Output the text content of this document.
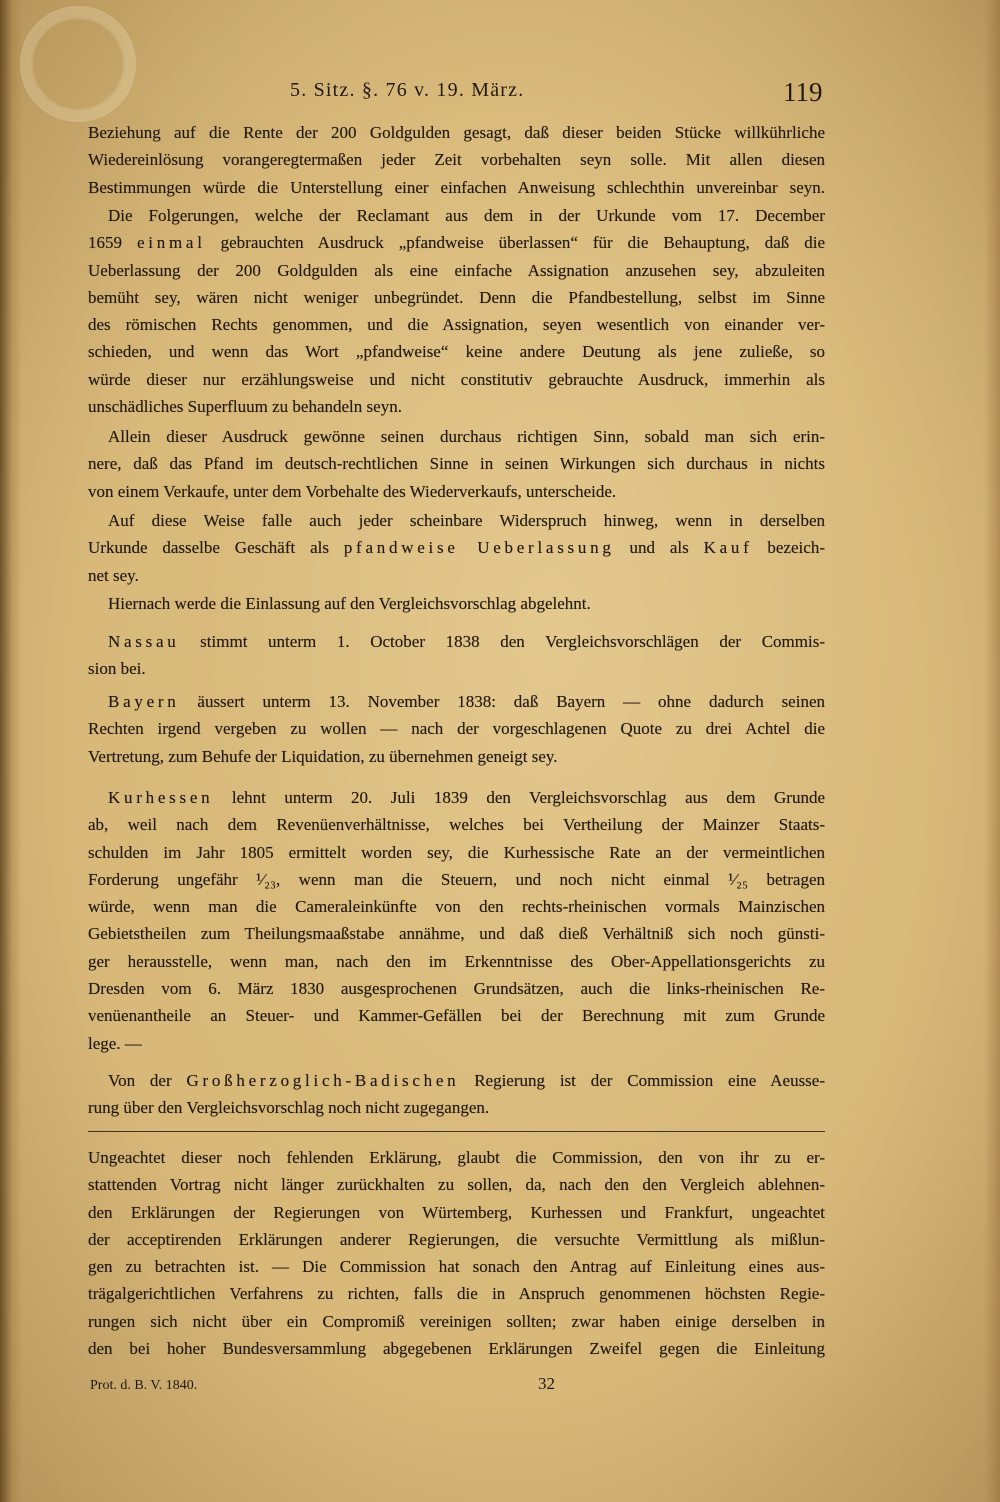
5. Sitz. §. 76 v. 19. März.	119
Beziehung auf die Rente der 200 Goldgulden gesagt, daß dieser beiden Stücke willkührliche
Wiedereinlösung vorangeregtermaßen jeder Zeit vorbehalten seyn solle. Mit allen diesen
Bestimmungen würde die Unterstellung einer einfachen Anweisung schlechthin unvereinbar seyn.
Die Folgerungen, welche der Reclamant aus dem in der Urkunde vom 17. December
1659 einmal gebrauchten Ausdruck „pfandweise überlassen“ für die Behauptung, daß die
Ueberlassung der 200 Goldgulden als eine einfache Assignation anzusehen sey, abzuleiten
bemüht sey, wären nicht weniger unbegründet. Denn die Pfandbestellung, selbst im Sinne
des römischen Rechts genommen, und die Assignation, seyen wesentlich von einander ver-
schieden, und wenn das Wort „pfandweise“ keine andere Deutung als jene zuließe, so
würde dieser nur erzählungsweise und nicht constitutiv gebrauchte Ausdruck, immerhin als
unschädliches Superfluum zu behandeln seyn.
Allein dieser Ausdruck gewönne seinen durchaus richtigen Sinn, sobald man sich erin-
nere, daß das Pfand im deutsch-rechtlichen Sinne in seinen Wirkungen sich durchaus in nichts
von einem Verkaufe, unter dem Vorbehalte des Wiederverkaufs, unterscheide.
Auf diese Weise falle auch jeder scheinbare Widerspruch hinweg, wenn in derselben
Urkunde dasselbe Geschäft als pfandweise Ueberlassung und als Kauf bezeich-
net sey.
Hiernach werde die Einlassung auf den Vergleichsvorschlag abgelehnt.
Nassau stimmt unterm 1. October 1838 den Vergleichsvorschlägen der Commis-
sion bei.
Bayern äussert unterm 13. November 1838: daß Bayern — ohne dadurch seinen
Rechten irgend vergeben zu wollen — nach der vorgeschlagenen Quote zu drei Achtel die
Vertretung, zum Behufe der Liquidation, zu übernehmen geneigt sey.
Kurhessen lehnt unterm 20. Juli 1839 den Vergleichsvorschlag aus dem Grunde
ab, weil nach dem Revenüenverhältnisse, welches bei Vertheilung der Mainzer Staats-
schulden im Jahr 1805 ermittelt worden sey, die Kurhessische Rate an der vermeintlichen
Forderung ungefähr ¹⁄₂₃, wenn man die Steuern, und noch nicht einmal ¹⁄₂₅ betragen
würde, wenn man die Cameraleinkünfte von den rechts-rheinischen vormals Mainzischen
Gebietstheilen zum Theilungsmaaßstabe annähme, und daß dieß Verhältniß sich noch günsti-
ger herausstelle, wenn man, nach den im Erkenntnisse des Ober-Appellationsgerichts zu
Dresden vom 6. März 1830 ausgesprochenen Grundsätzen, auch die links-rheinischen Re-
venüenantheile an Steuer- und Kammer-Gefällen bei der Berechnung mit zum Grunde
lege. —
Von der Großherzoglich-Badischen Regierung ist der Commission eine Aeusse-
rung über den Vergleichsvorschlag noch nicht zugegangen.
Ungeachtet dieser noch fehlenden Erklärung, glaubt die Commission, den von ihr zu er-
stattenden Vortrag nicht länger zurückhalten zu sollen, da, nach den den Vergleich ablehnen-
den Erklärungen der Regierungen von Würtemberg, Kurhessen und Frankfurt, ungeachtet
der acceptirenden Erklärungen anderer Regierungen, die versuchte Vermittlung als mißlun-
gen zu betrachten ist. — Die Commission hat sonach den Antrag auf Einleitung eines aus-
trägalgerichtlichen Verfahrens zu richten, falls die in Anspruch genommenen höchsten Regie-
rungen sich nicht über ein Compromiß vereinigen sollten; zwar haben einige derselben in
den bei hoher Bundesversammlung abgegebenen Erklärungen Zweifel gegen die Einleitung
Prot. d. B. V. 1840.	32
